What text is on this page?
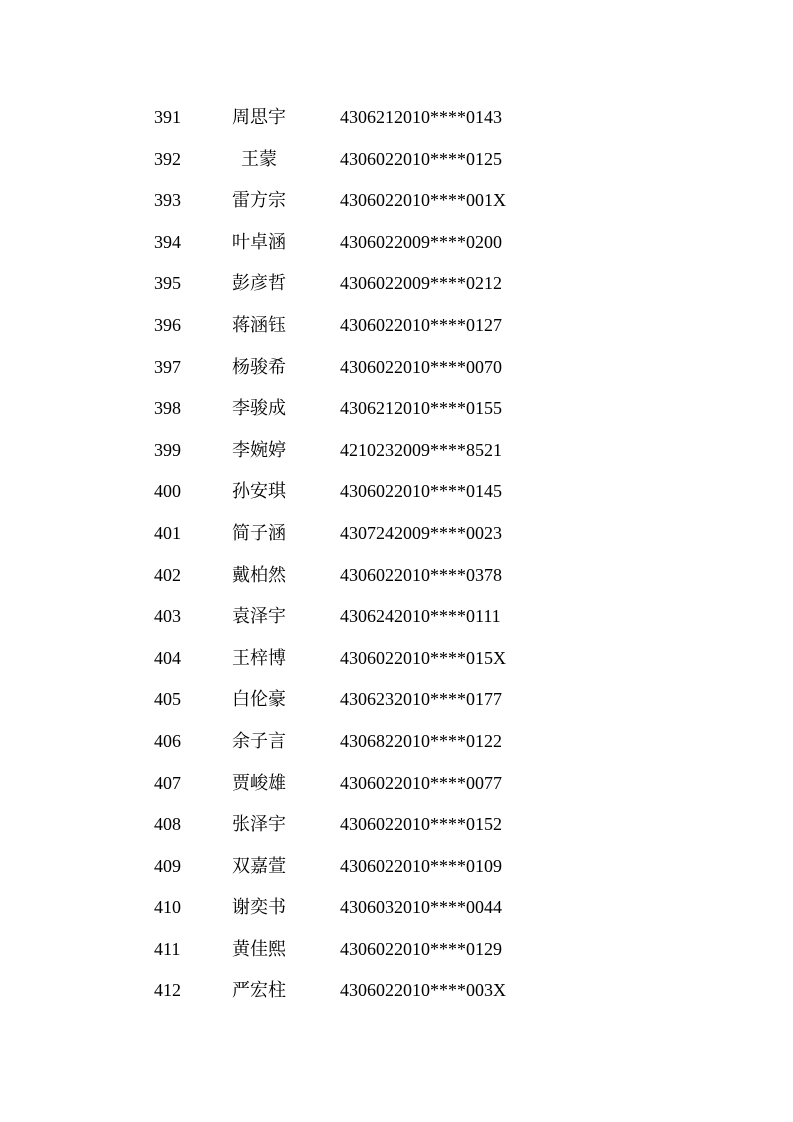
391	周思宇	4306212010****0143
392	王蒙	4306022010****0125
393	雷方宗	4306022010****001X
394	叶卓涵	4306022009****0200
395	彭彦哲	4306022009****0212
396	蒋涵钰	4306022010****0127
397	杨骏希	4306022010****0070
398	李骏成	4306212010****0155
399	李婉婷	4210232009****8521
400	孙安琪	4306022010****0145
401	简子涵	4307242009****0023
402	戴柏然	4306022010****0378
403	袁泽宇	4306242010****0111
404	王梓博	4306022010****015X
405	白伦豪	4306232010****0177
406	余子言	4306822010****0122
407	贾峻雄	4306022010****0077
408	张泽宇	4306022010****0152
409	双嘉萱	4306022010****0109
410	谢奕书	4306032010****0044
411	黄佳熙	4306022010****0129
412	严宏柱	4306022010****003X
